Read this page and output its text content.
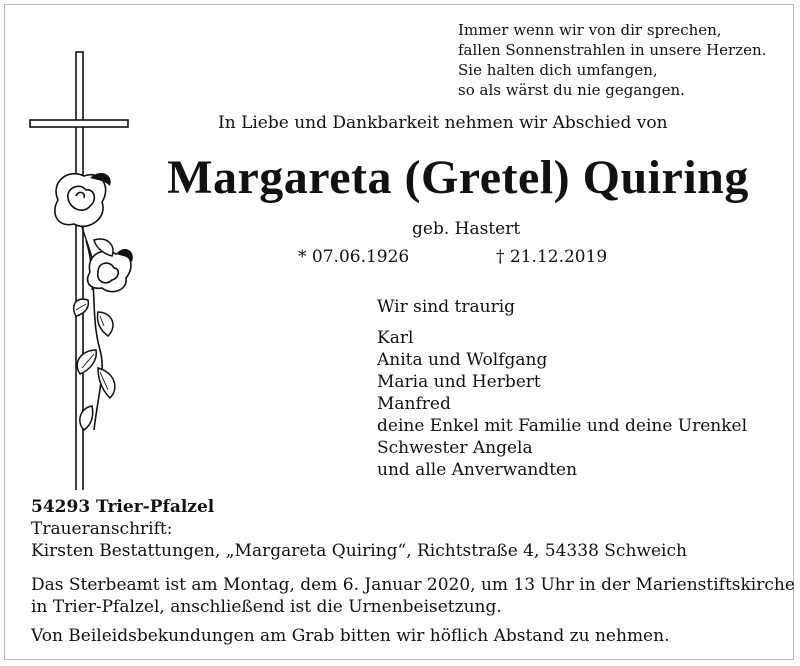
Immer wenn wir von dir sprechen,
fallen Sonnenstrahlen in unsere Herzen.
Sie halten dich umfangen,
so als wärst du nie gegangen.
In Liebe und Dankbarkeit nehmen wir Abschied von
Margareta (Gretel) Quiring
geb. Hastert
* 07.06.1926	† 21.12.2019
Wir sind traurig
Karl
Anita und Wolfgang
Maria und Herbert
Manfred
deine Enkel mit Familie und deine Urenkel
Schwester Angela
und alle Anverwandten
54293 Trier-Pfalzel
Traueranschrift:
Kirsten Bestattungen, „Margareta Quiring“, Richtstraße 4, 54338 Schweich
Das Sterbeamt ist am Montag, dem 6. Januar 2020, um 13 Uhr in der Marienstiftskirche
in Trier-Pfalzel, anschließend ist die Urnenbeisetzung.
Von Beileidsbekundungen am Grab bitten wir höflich Abstand zu nehmen.
